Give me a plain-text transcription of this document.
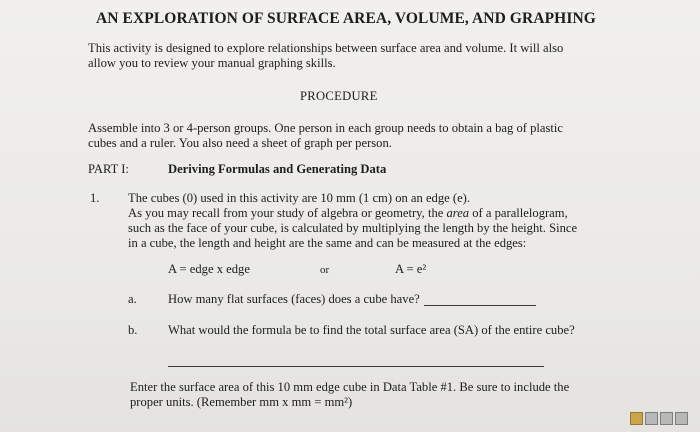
AN EXPLORATION OF SURFACE AREA, VOLUME, AND GRAPHING
This activity is designed to explore relationships between surface area and volume. It will also
allow you to review your manual graphing skills.
PROCEDURE
Assemble into 3 or 4-person groups. One person in each group needs to obtain a bag of plastic
cubes and a ruler. You also need a sheet of graph per person.
PART I:	Deriving Formulas and Generating Data
1. The cubes (0) used in this activity are 10 mm (1 cm) on an edge (e).
As you may recall from your study of algebra or geometry, the area of a parallelogram,
such as the face of your cube, is calculated by multiplying the length by the height. Since
in a cube, the length and height are the same and can be measured at the edges:
A = edge x edge	or	A = e²
a. How many flat surfaces (faces) does a cube have?
b. What would the formula be to find the total surface area (SA) of the entire cube?
Enter the surface area of this 10 mm edge cube in Data Table #1. Be sure to include the
proper units. (Remember mm x mm = mm²)
